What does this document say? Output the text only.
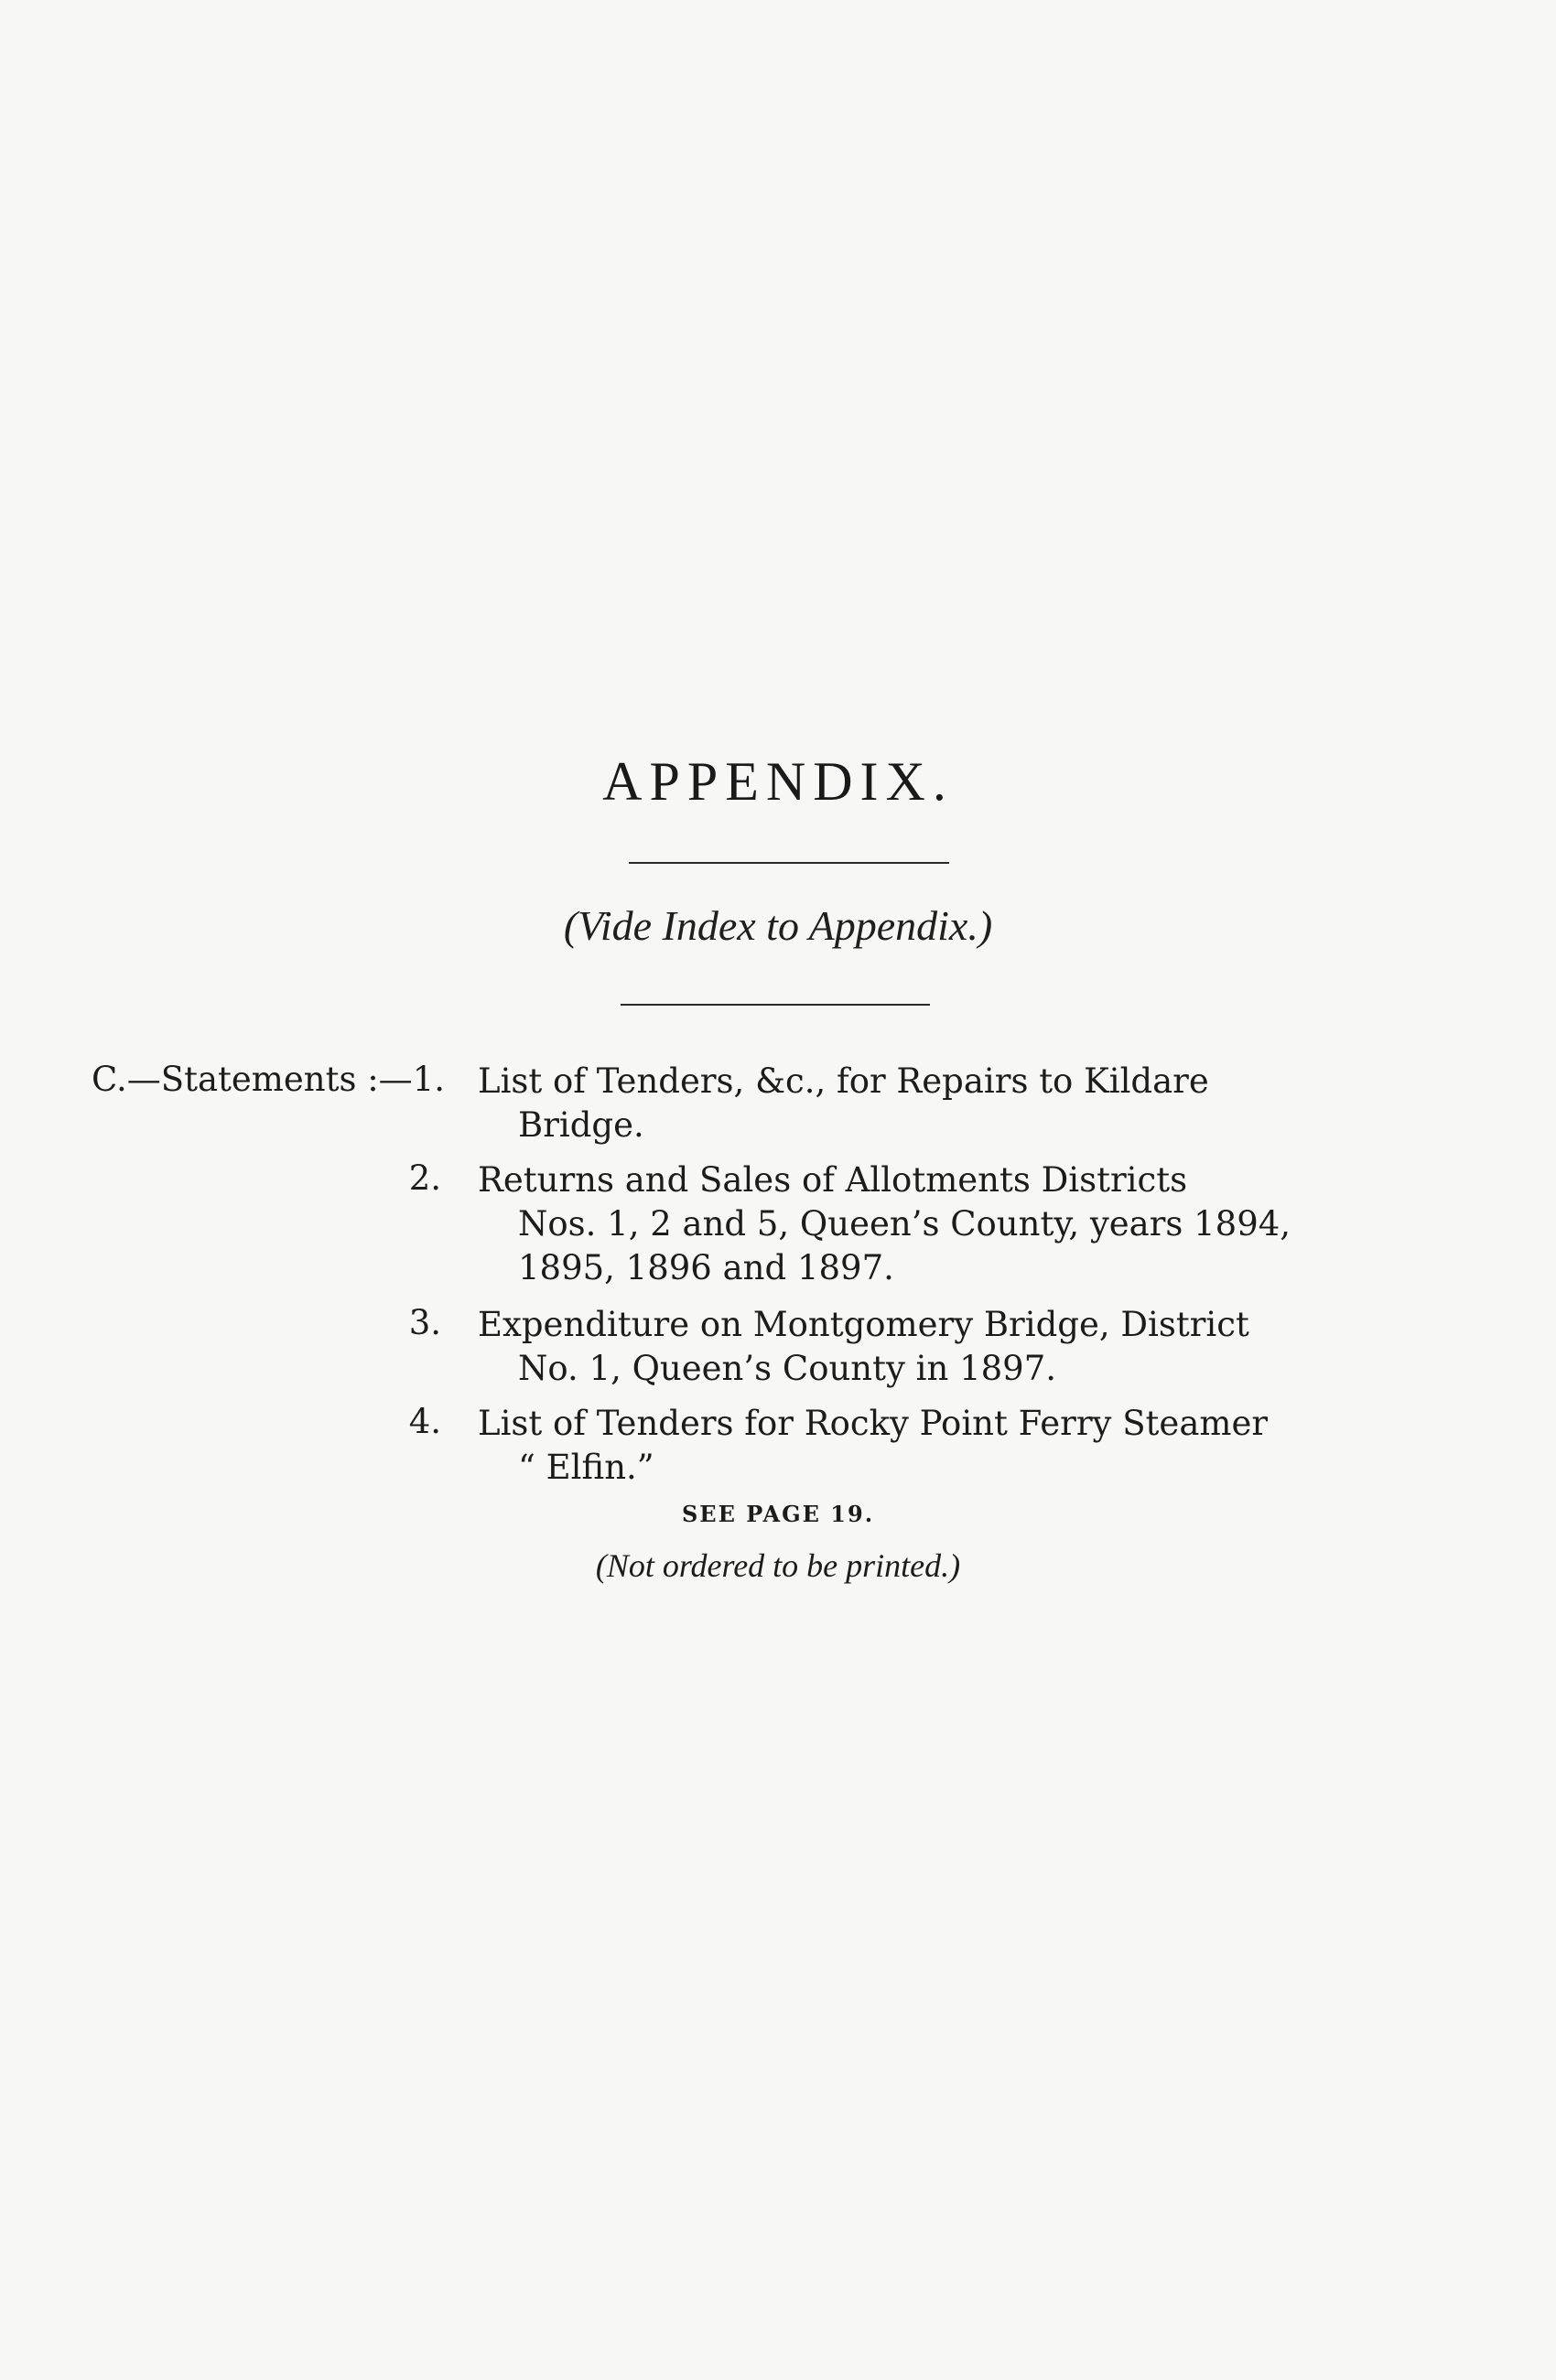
APPENDIX.
(Vide Index to Appendix.)
C.—Statements :—1. List of Tenders, &c., for Repairs to Kildare
Bridge.
2. Returns and Sales of Allotments Districts
Nos. 1, 2 and 5, Queen’s County, years 1894,
1895, 1896 and 1897.
3. Expenditure on Montgomery Bridge, District
No. 1, Queen’s County in 1897.
4. List of Tenders for Rocky Point Ferry Steamer
“ Elfin.”
SEE PAGE 19.
(Not ordered to be printed.)
